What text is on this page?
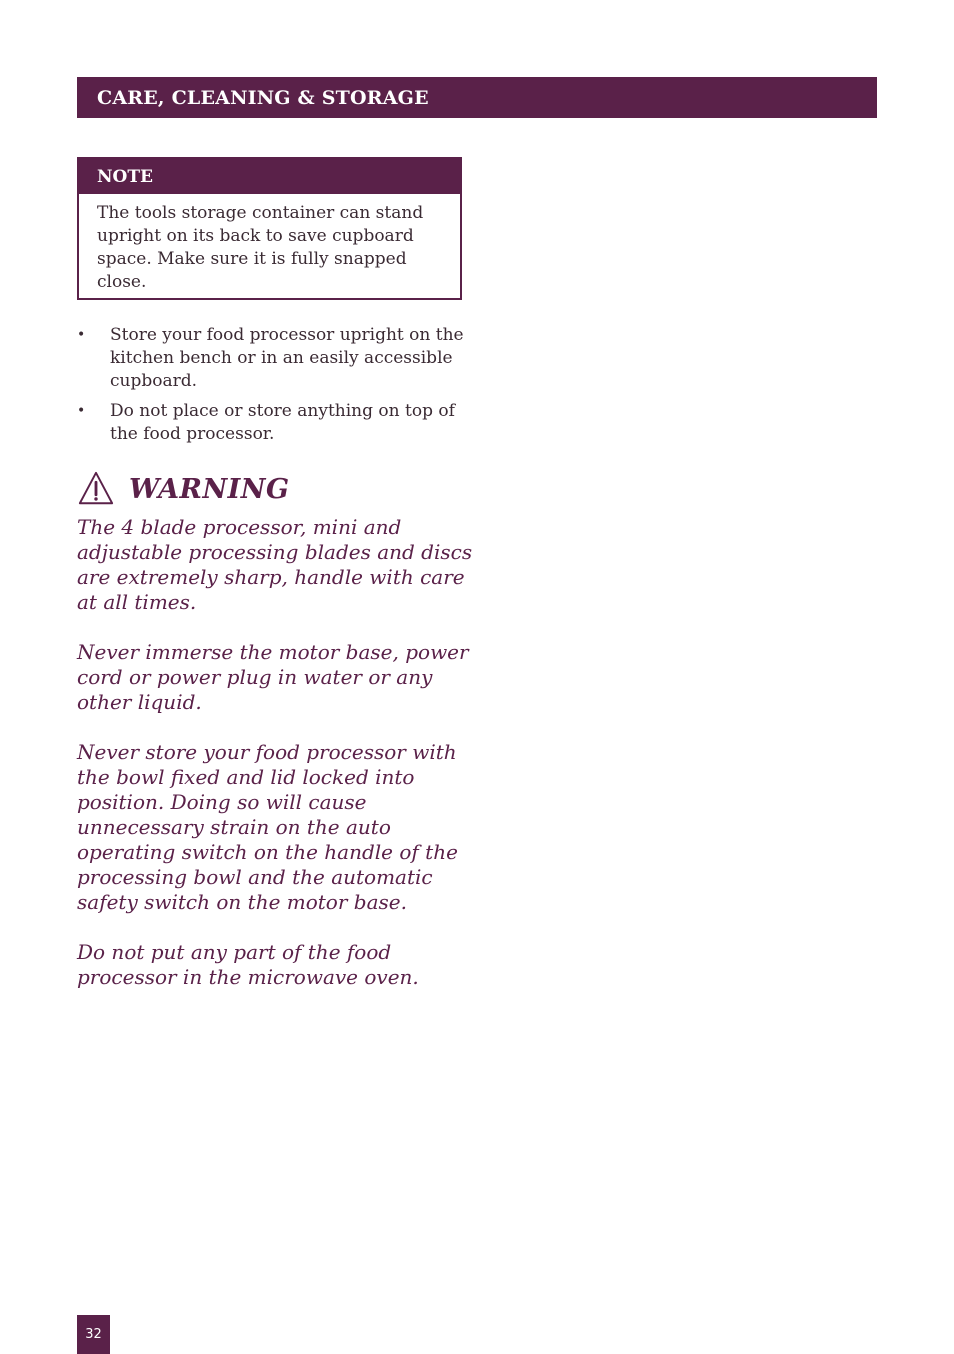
CARE, CLEANING & STORAGE
NOTE
The tools storage container can stand upright on its back to save cupboard space. Make sure it is fully snapped close.
• Store your food processor upright on the kitchen bench or in an easily accessible cupboard.
• Do not place or store anything on top of the food processor.
WARNING

The 4 blade processor, mini and adjustable processing blades and discs are extremely sharp, handle with care at all times.

Never immerse the motor base, power cord or power plug in water or any other liquid.

Never store your food processor with the bowl fixed and lid locked into position. Doing so will cause unnecessary strain on the auto operating switch on the handle of the processing bowl and the automatic safety switch on the motor base.

Do not put any part of the food processor in the microwave oven.

32
